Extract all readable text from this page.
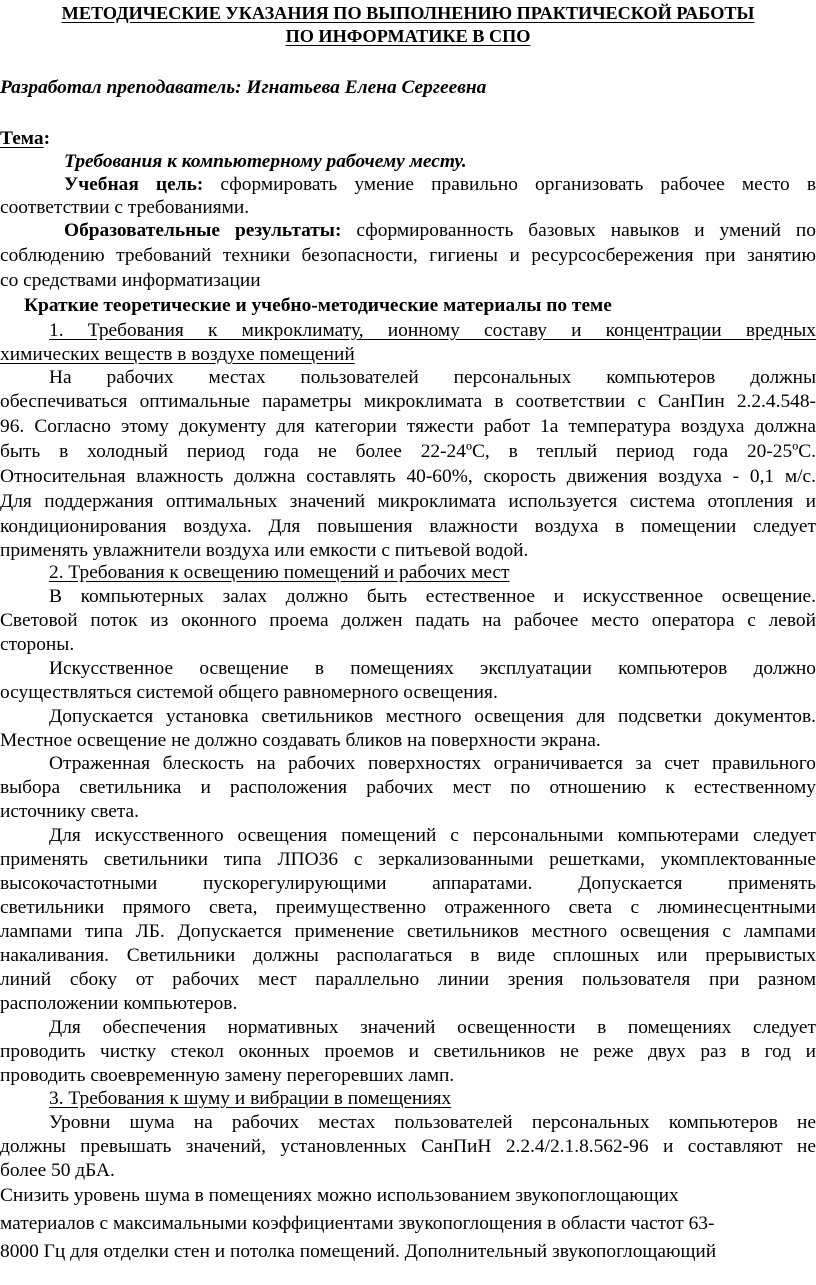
МЕТОДИЧЕСКИЕ УКАЗАНИЯ ПО ВЫПОЛНЕНИЮ ПРАКТИЧЕСКОЙ РАБОТЫ
ПО ИНФОРМАТИКЕ В СПО
Разработал преподаватель: Игнатьева Елена Сергеевна
Тема:
Требования к компьютерному рабочему месту.
Учебная цель: сформировать умение правильно организовать рабочее место в
соответствии с требованиями.
Образовательные результаты: сформированность базовых навыков и умений по
соблюдению требований техники безопасности, гигиены и ресурсосбережения при занятию
со средствами информатизации
Краткие теоретические и учебно-методические материалы по теме
1. Требования к микроклимату, ионному составу и концентрации вредных
химических веществ в воздухе помещений
На рабочих местах пользователей персональных компьютеров должны
обеспечиваться оптимальные параметры микроклимата в соответствии с СанПин 2.2.4.548-
96. Согласно этому документу для категории тяжести работ 1а температура воздуха должна
быть в холодный период года не более 22-24ºС, в теплый период года 20-25ºС.
Относительная влажность должна составлять 40-60%, скорость движения воздуха - 0,1 м/с.
Для поддержания оптимальных значений микроклимата используется система отопления и
кондиционирования воздуха. Для повышения влажности воздуха в помещении следует
применять увлажнители воздуха или емкости с питьевой водой.
2. Требования к освещению помещений и рабочих мест
В компьютерных залах должно быть естественное и искусственное освещение.
Световой поток из оконного проема должен падать на рабочее место оператора с левой
стороны.
Искусственное освещение в помещениях эксплуатации компьютеров должно
осуществляться системой общего равномерного освещения.
Допускается установка светильников местного освещения для подсветки документов.
Местное освещение не должно создавать бликов на поверхности экрана.
Отраженная блескость на рабочих поверхностях ограничивается за счет правильного
выбора светильника и расположения рабочих мест по отношению к естественному
источнику света.
Для искусственного освещения помещений с персональными компьютерами следует
применять светильники типа ЛПО36 с зеркализованными решетками, укомплектованные
высокочастотными пускорегулирующими аппаратами. Допускается применять
светильники прямого света, преимущественно отраженного света с люминесцентными
лампами типа ЛБ. Допускается применение светильников местного освещения с лампами
накаливания. Светильники должны располагаться в виде сплошных или прерывистых
линий сбоку от рабочих мест параллельно линии зрения пользователя при разном
расположении компьютеров.
Для обеспечения нормативных значений освещенности в помещениях следует
проводить чистку стекол оконных проемов и светильников не реже двух раз в год и
проводить своевременную замену перегоревших ламп.
3. Требования к шуму и вибрации в помещениях
Уровни шума на рабочих местах пользователей персональных компьютеров не
должны превышать значений, установленных СанПиН 2.2.4/2.1.8.562-96 и составляют не
более 50 дБА.
Снизить уровень шума в помещениях можно использованием звукопоглощающих
материалов с максимальными коэффициентами звукопоглощения в области частот 63-
8000 Гц для отделки стен и потолка помещений. Дополнительный звукопоглощающий
